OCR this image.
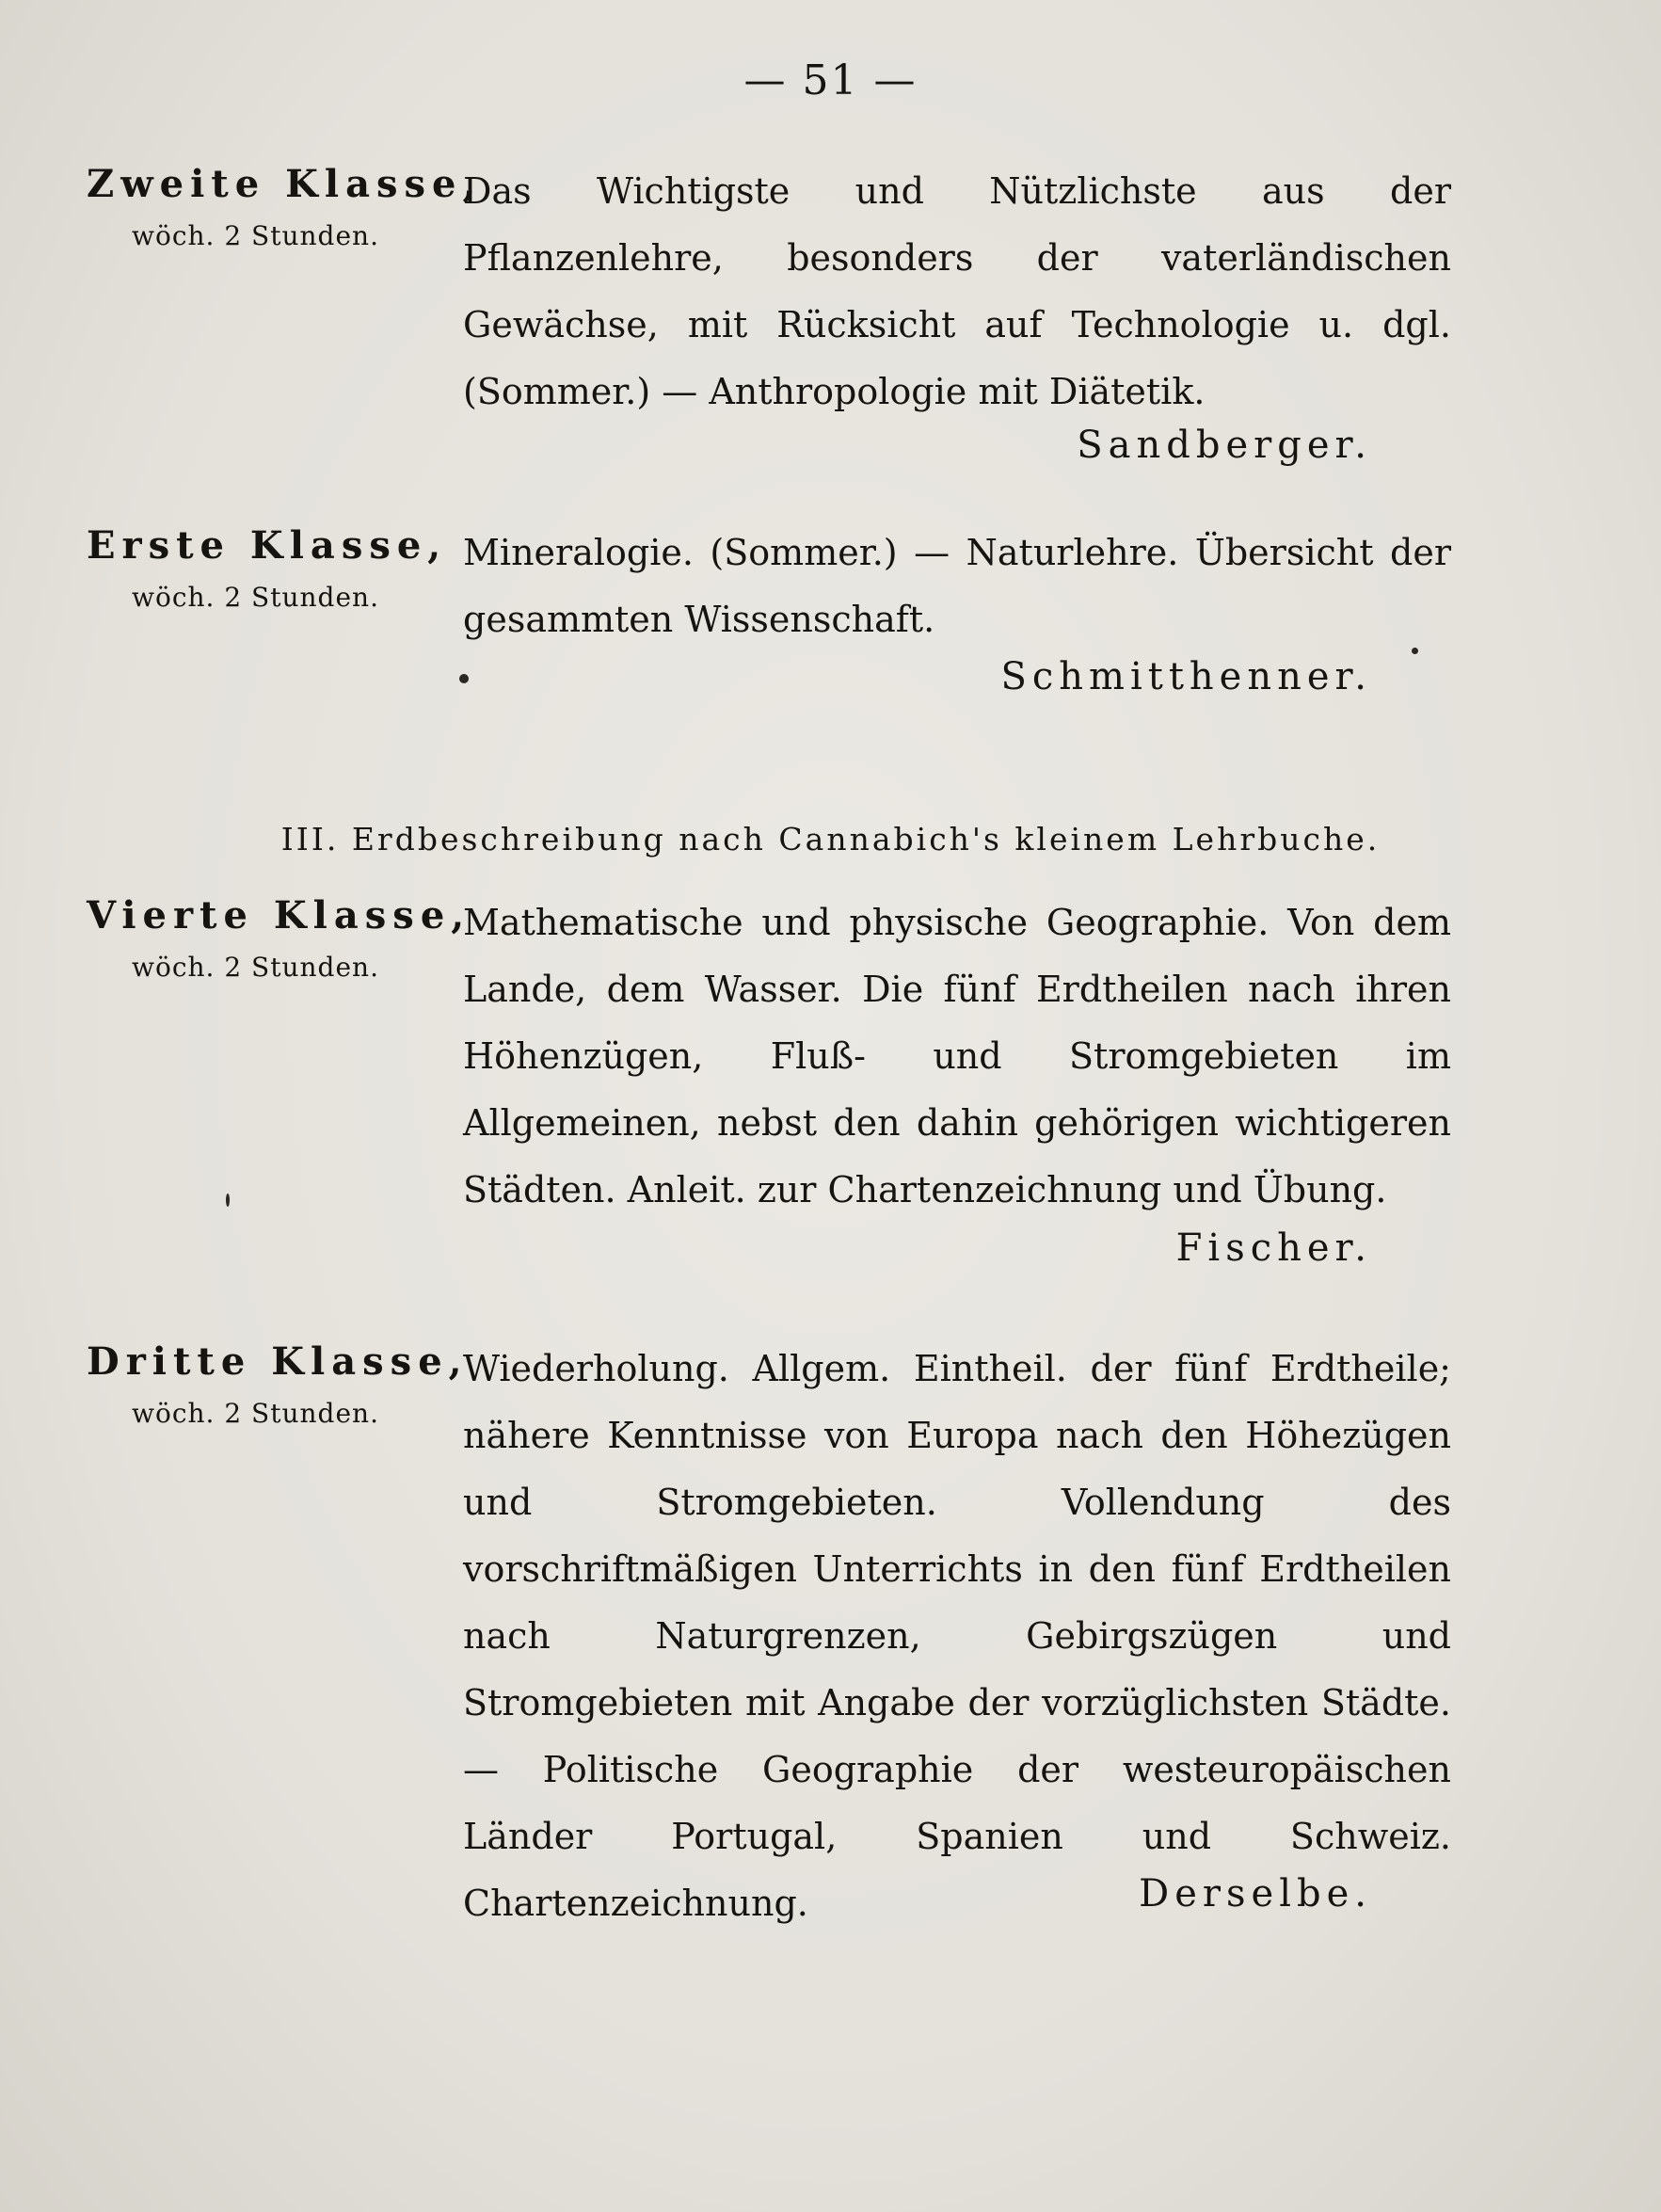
— 51 —
Zweite Klasse,
wöch. 2 Stunden.
Das Wichtigste und Nützlichste aus der Pflanzenlehre, besonders der vaterländischen Gewächse, mit Rücksicht auf Technologie u. dgl. (Sommer.) — Anthropologie mit Diätetik.
Sandberger.
Erste Klasse,
wöch. 2 Stunden.
Mineralogie. (Sommer.) — Naturlehre. Übersicht der gesammten Wissenschaft.
Schmitthenner.
III. Erdbeschreibung nach Cannabich's kleinem Lehrbuche.
Vierte Klasse,
wöch. 2 Stunden.
Mathematische und physische Geographie. Von dem Lande, dem Wasser. Die fünf Erdtheilen nach ihren Höhenzügen, Fluß- und Stromgebieten im Allgemeinen, nebst den dahin gehörigen wichtigeren Städten. Anleit. zur Chartenzeichnung und Übung.
Fischer.
Dritte Klasse,
wöch. 2 Stunden.
Wiederholung. Allgem. Eintheil. der fünf Erdtheile; nähere Kenntnisse von Europa nach den Höhezügen und Stromgebieten. Vollendung des vorschriftmäßigen Unterrichts in den fünf Erdtheilen nach Naturgrenzen, Gebirgszügen und Stromgebieten mit Angabe der vorzüglichsten Städte. — Politische Geographie der westeuropäischen Länder Portugal, Spanien und Schweiz. Chartenzeichnung.	Derselbe.
